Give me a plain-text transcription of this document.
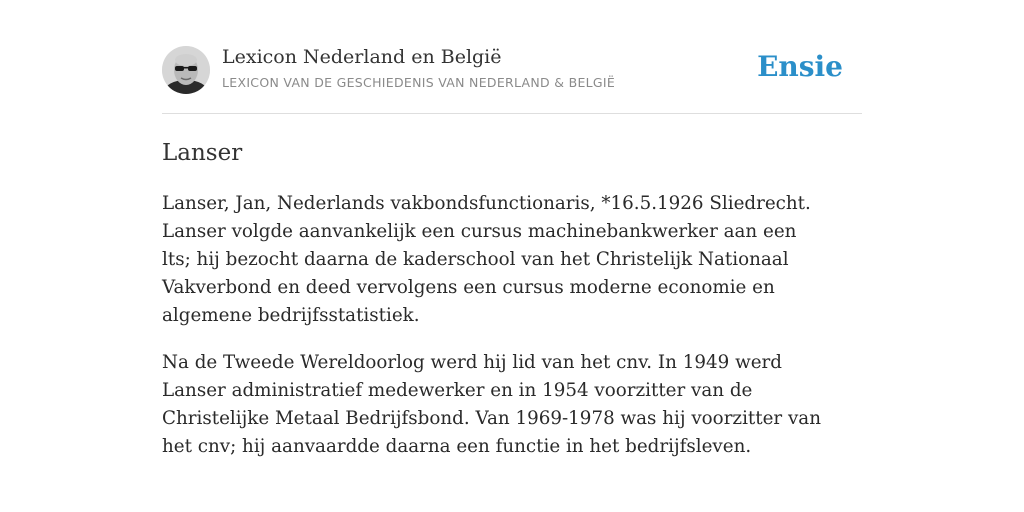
Lexicon Nederland en België
LEXICON VAN DE GESCHIEDENIS VAN NEDERLAND & BELGIË	Ensie
Lanser

Lanser, Jan, Nederlands vakbondsfunctionaris, *16.5.1926 Sliedrecht. Lanser volgde aanvankelijk een cursus machinebankwerker aan een lts; hij bezocht daarna de kaderschool van het Christelijk Nationaal Vakverbond en deed vervolgens een cursus moderne economie en algemene bedrijfsstatistiek.

Na de Tweede Wereldoorlog werd hij lid van het cnv. In 1949 werd Lanser administratief medewerker en in 1954 voorzitter van de Christelijke Metaal Bedrijfsbond. Van 1969-1978 was hij voorzitter van het cnv; hij aanvaardde daarna een functie in het bedrijfsleven.
